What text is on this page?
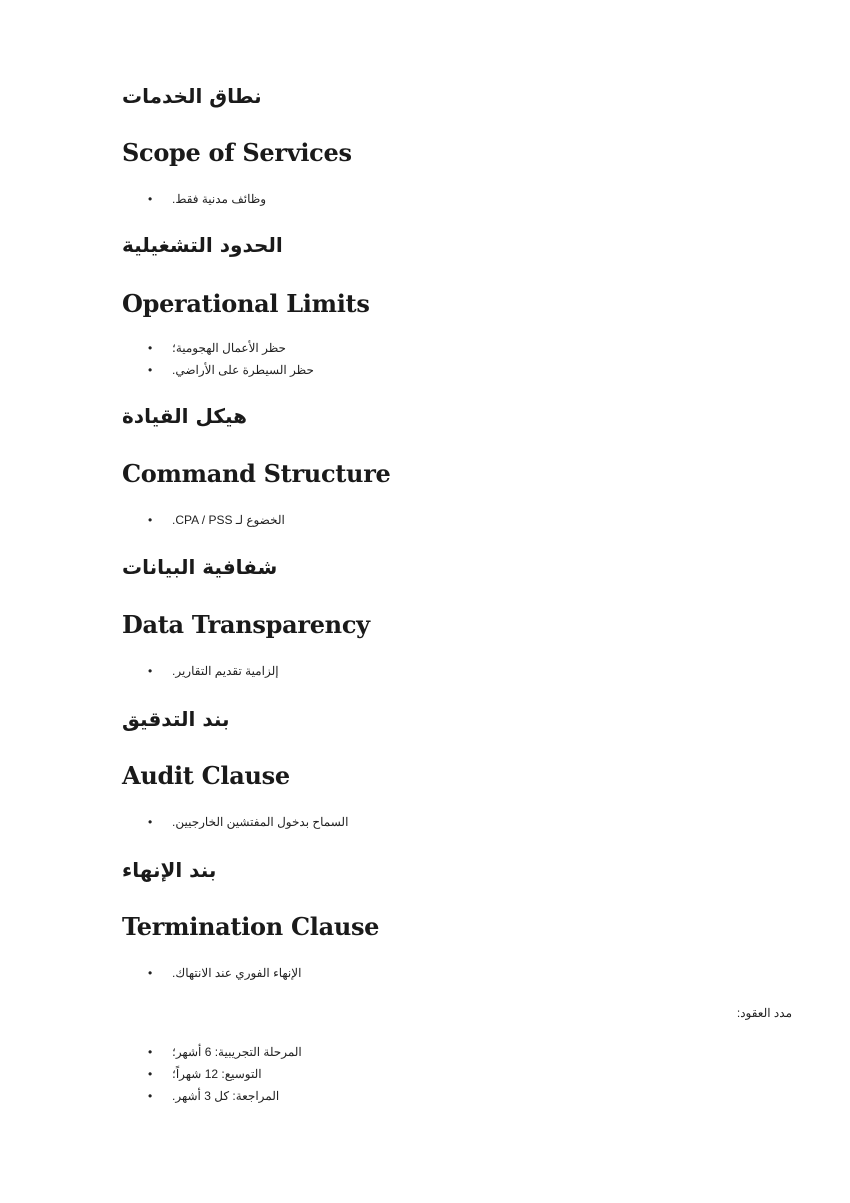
نطاق الخدمات
Scope of Services
• وظائف مدنية فقط.
الحدود التشغيلية
Operational Limits
• حظر الأعمال الهجومية؛
• حظر السيطرة على الأراضي.
هيكل القيادة
Command Structure
• الخضوع لـ CPA / PSS.
شفافية البيانات
Data Transparency
• إلزامية تقديم التقارير.
بند التدقيق
Audit Clause
• السماح بدخول المفتشين الخارجيين.
بند الإنهاء
Termination Clause
• الإنهاء الفوري عند الانتهاك.

مدد العقود:

• المرحلة التجريبية: 6 أشهر؛
• التوسيع: 12 شهراً؛
• المراجعة: كل 3 أشهر.
